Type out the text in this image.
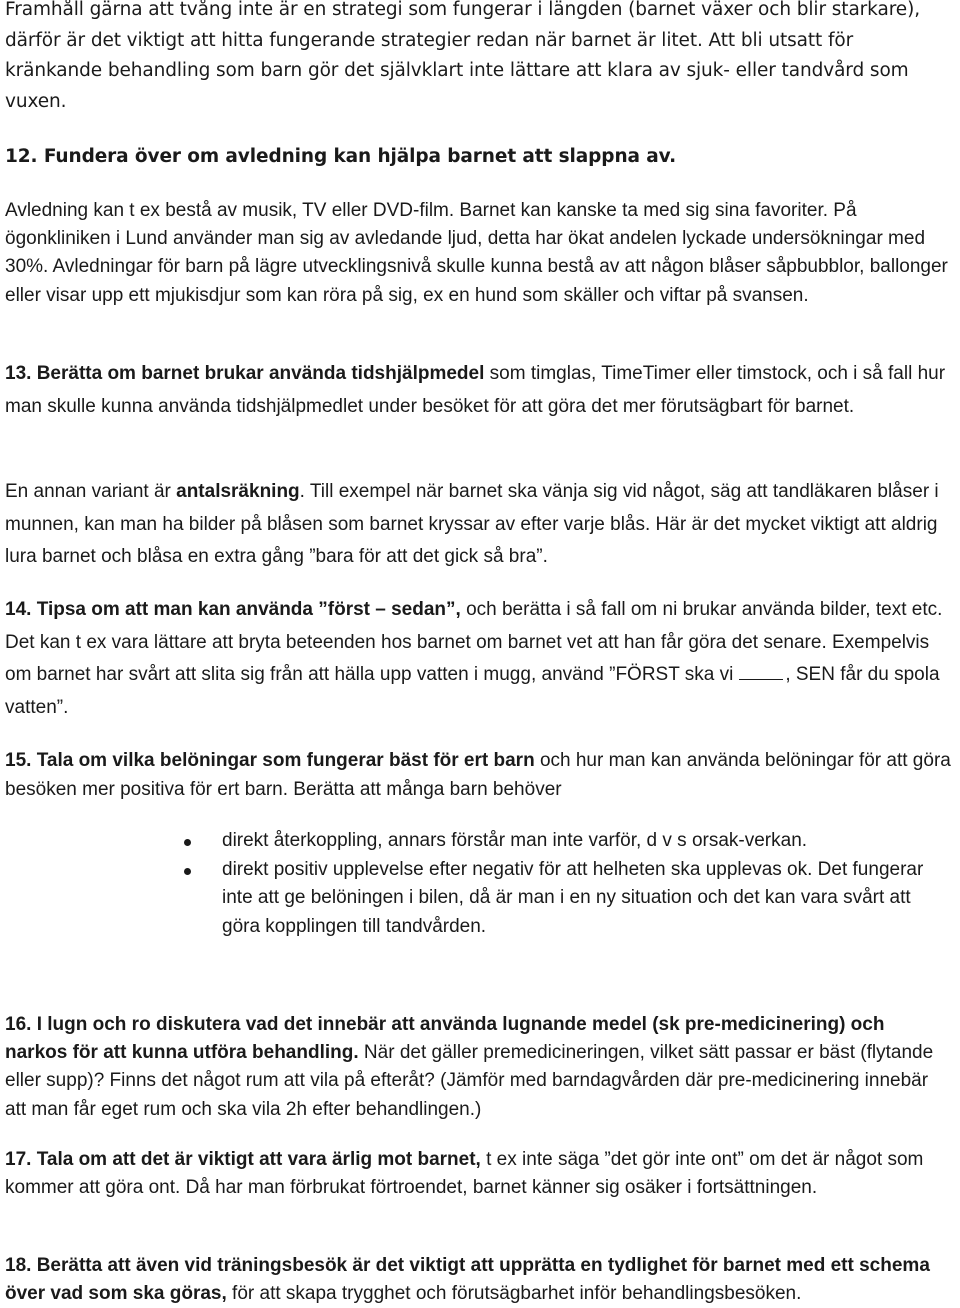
Framhåll gärna att tvång inte är en strategi som fungerar i längden (barnet växer och blir starkare), därför är det viktigt att hitta fungerande strategier redan när barnet är litet. Att bli utsatt för kränkande behandling som barn gör det självklart inte lättare att klara av sjuk- eller tandvård som vuxen.

12. Fundera över om avledning kan hjälpa barnet att slappna av.

Avledning kan t ex bestå av musik, TV eller DVD-film. Barnet kan kanske ta med sig sina favoriter. På ögonkliniken i Lund använder man sig av avledande ljud, detta har ökat andelen lyckade undersökningar med 30%. Avledningar för barn på lägre utvecklingsnivå skulle kunna bestå av att någon blåser såpbubblor, ballonger eller visar upp ett mjukisdjur som kan röra på sig, ex en hund som skäller och viftar på svansen.

13. Berätta om barnet brukar använda tidshjälpmedel som timglas, TimeTimer eller timstock, och i så fall hur man skulle kunna använda tidshjälpmedlet under besöket för att göra det mer förutsägbart för barnet.

En annan variant är antalsräkning. Till exempel när barnet ska vänja sig vid något, säg att tandläkaren blåser i munnen, kan man ha bilder på blåsen som barnet kryssar av efter varje blås. Här är det mycket viktigt att aldrig lura barnet och blåsa en extra gång ”bara för att det gick så bra”.

14. Tipsa om att man kan använda ”först – sedan”, och berätta i så fall om ni brukar använda bilder, text etc. Det kan t ex vara lättare att bryta beteenden hos barnet om barnet vet att han får göra det senare. Exempelvis om barnet har svårt att slita sig från att hälla upp vatten i mugg, använd ”FÖRST ska vi	, SEN får du spola vatten”.

15. Tala om vilka belöningar som fungerar bäst för ert barn och hur man kan använda belöningar för att göra besöken mer positiva för ert barn. Berätta att många barn behöver

direkt återkoppling, annars förstår man inte varför, d v s orsak-verkan.
direkt positiv upplevelse efter negativ för att helheten ska upplevas ok. Det fungerar inte att ge belöningen i bilen, då är man i en ny situation och det kan vara svårt att göra kopplingen till tandvården.

16. I lugn och ro diskutera vad det innebär att använda lugnande medel (sk pre-medicinering) och narkos för att kunna utföra behandling. När det gäller premedicineringen, vilket sätt passar er bäst (flytande eller supp)? Finns det något rum att vila på efteråt? (Jämför med barndagvården där pre-medicinering innebär att man får eget rum och ska vila 2h efter behandlingen.)

17. Tala om att det är viktigt att vara ärlig mot barnet, t ex inte säga ”det gör inte ont” om det är något som kommer att göra ont. Då har man förbrukat förtroendet, barnet känner sig osäker i fortsättningen.

18. Berätta att även vid träningsbesök är det viktigt att upprätta en tydlighet för barnet med ett schema över vad som ska göras, för att skapa trygghet och förutsägbarhet inför behandlingsbesöken.
